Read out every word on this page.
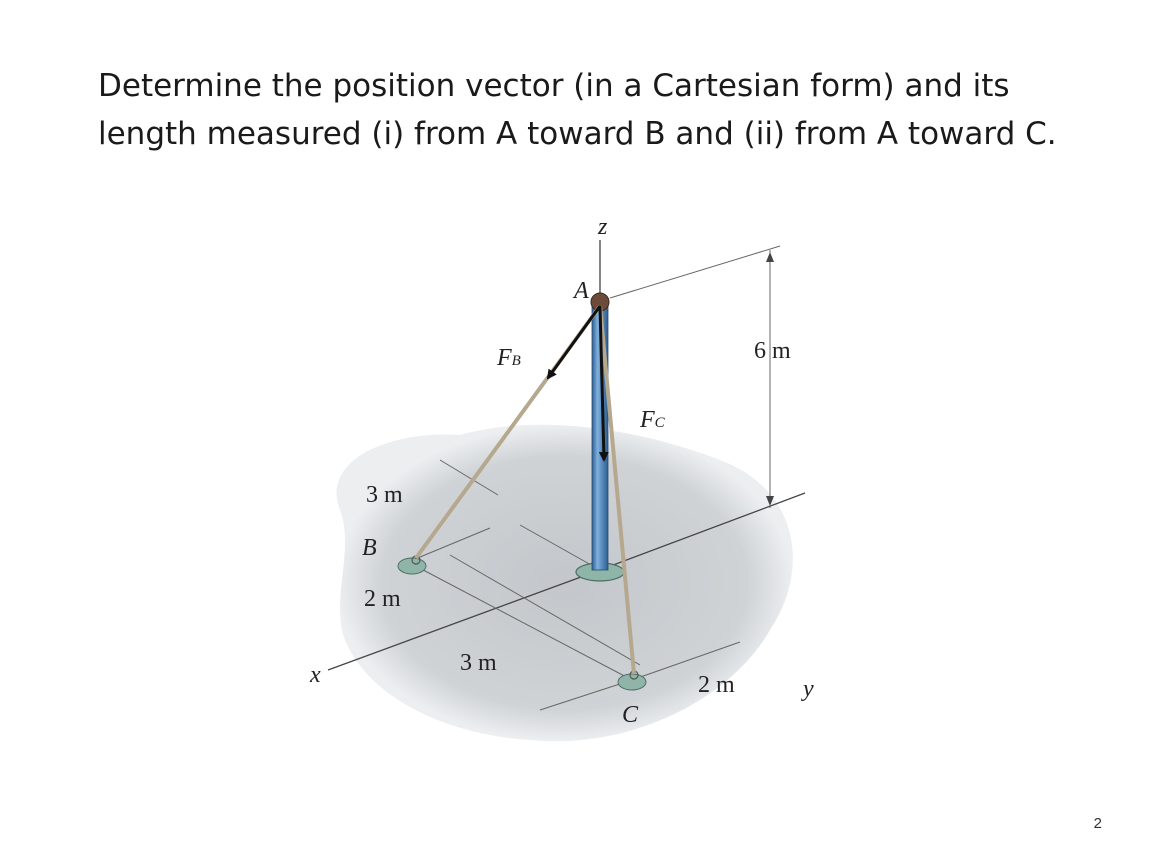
Determine the position vector (in a Cartesian form) and its
length measured (i) from A toward B and (ii) from A toward C.
z
x
y
A
B
C
FB
FC
6 m
3 m
2 m
3 m
2 m
2
